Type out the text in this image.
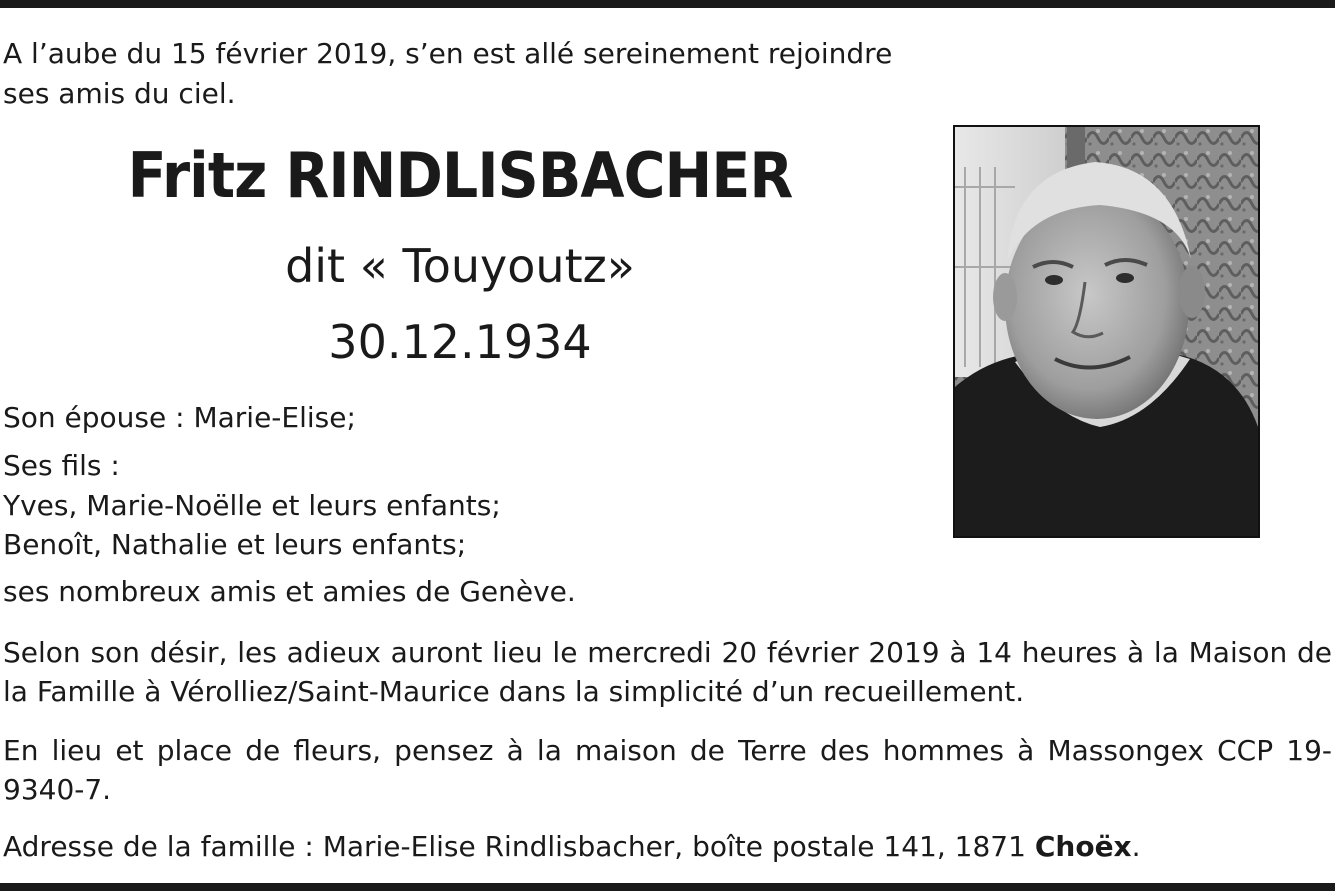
A l’aube du 15 février 2019, s’en est allé sereinement rejoindre ses amis du ciel.

Fritz RINDLISBACHER

dit « Touyoutz»

30.12.1934

Son épouse : Marie-Elise;
Ses fils :
Yves, Marie-Noëlle et leurs enfants;
Benoît, Nathalie et leurs enfants;
ses nombreux amis et amies de Genève.

Selon son désir, les adieux auront lieu le mercredi 20 février 2019 à 14 heures à la Maison de la Famille à Vérolliez/Saint-Maurice dans la simplicité d’un recueillement.

En lieu et place de fleurs, pensez à la maison de Terre des hommes à Massongex CCP 19-9340-7.

Adresse de la famille : Marie-Elise Rindlisbacher, boîte postale 141, 1871 Choëx.
